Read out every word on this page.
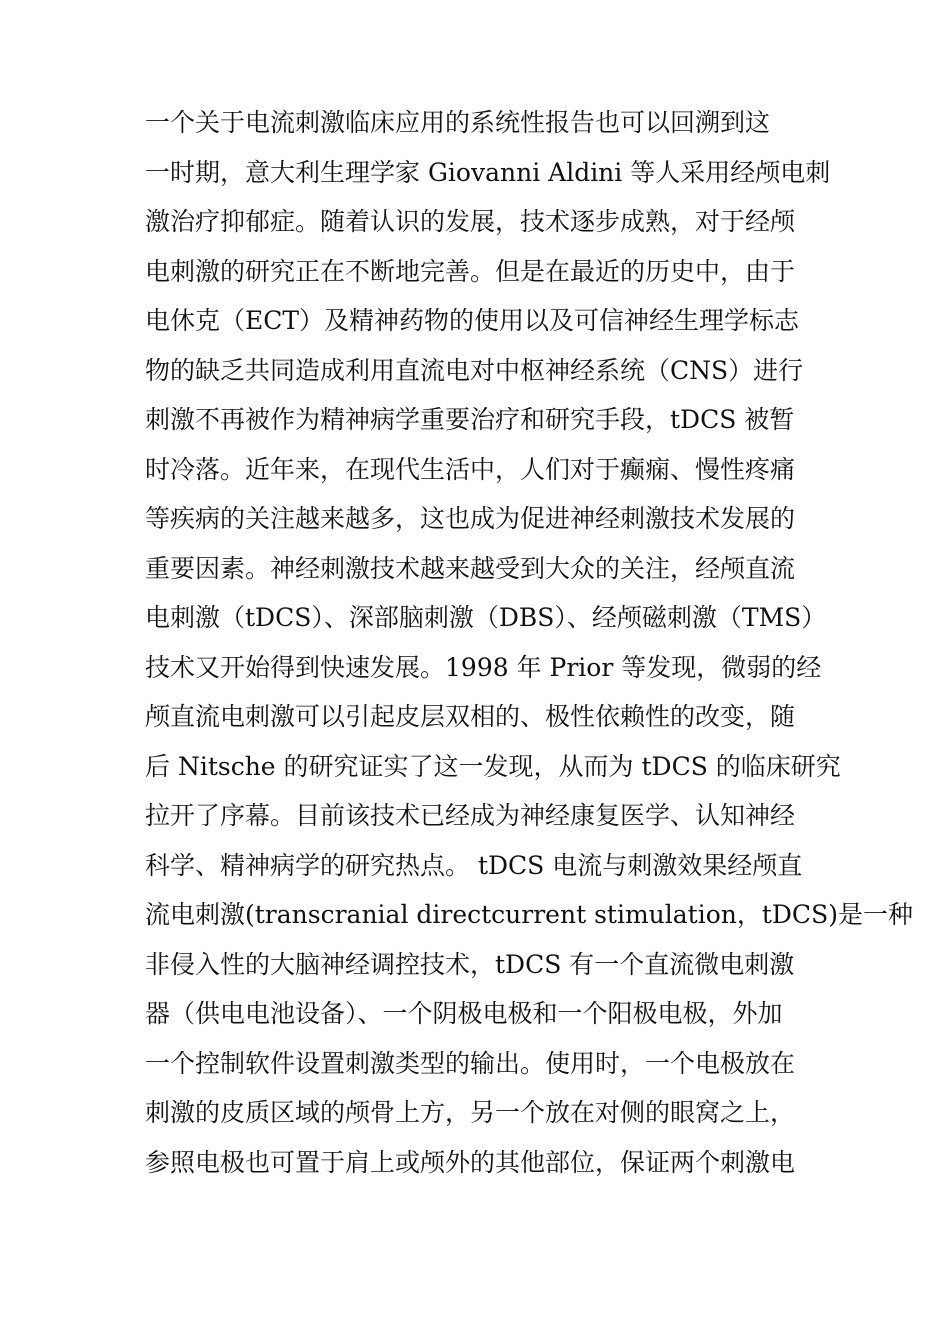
一个关于电流刺激临床应用的系统性报告也可以回溯到这
一时期，意大利生理学家 Giovanni Aldini 等人采用经颅电刺
激治疗抑郁症。随着认识的发展，技术逐步成熟，对于经颅
电刺激的研究正在不断地完善。但是在最近的历史中，由于
电休克（ECT）及精神药物的使用以及可信神经生理学标志
物的缺乏共同造成利用直流电对中枢神经系统（CNS）进行
刺激不再被作为精神病学重要治疗和研究手段，tDCS 被暂
时冷落。近年来，在现代生活中，人们对于癫痫、慢性疼痛
等疾病的关注越来越多，这也成为促进神经刺激技术发展的
重要因素。神经刺激技术越来越受到大众的关注，经颅直流
电刺激（tDCS）、深部脑刺激（DBS）、经颅磁刺激（TMS）
技术又开始得到快速发展。1998 年 Prior 等发现，微弱的经
颅直流电刺激可以引起皮层双相的、极性依赖性的改变，随
后 Nitsche 的研究证实了这一发现，从而为 tDCS 的临床研究
拉开了序幕。目前该技术已经成为神经康复医学、认知神经
科学、精神病学的研究热点。 tDCS 电流与刺激效果经颅直
流电刺激(transcranial directcurrent stimulation，tDCS)是一种
非侵入性的大脑神经调控技术，tDCS 有一个直流微电刺激
器（供电电池设备）、一个阴极电极和一个阳极电极，外加
一个控制软件设置刺激类型的输出。使用时，一个电极放在
刺激的皮质区域的颅骨上方，另一个放在对侧的眼窝之上，
参照电极也可置于肩上或颅外的其他部位，保证两个刺激电
